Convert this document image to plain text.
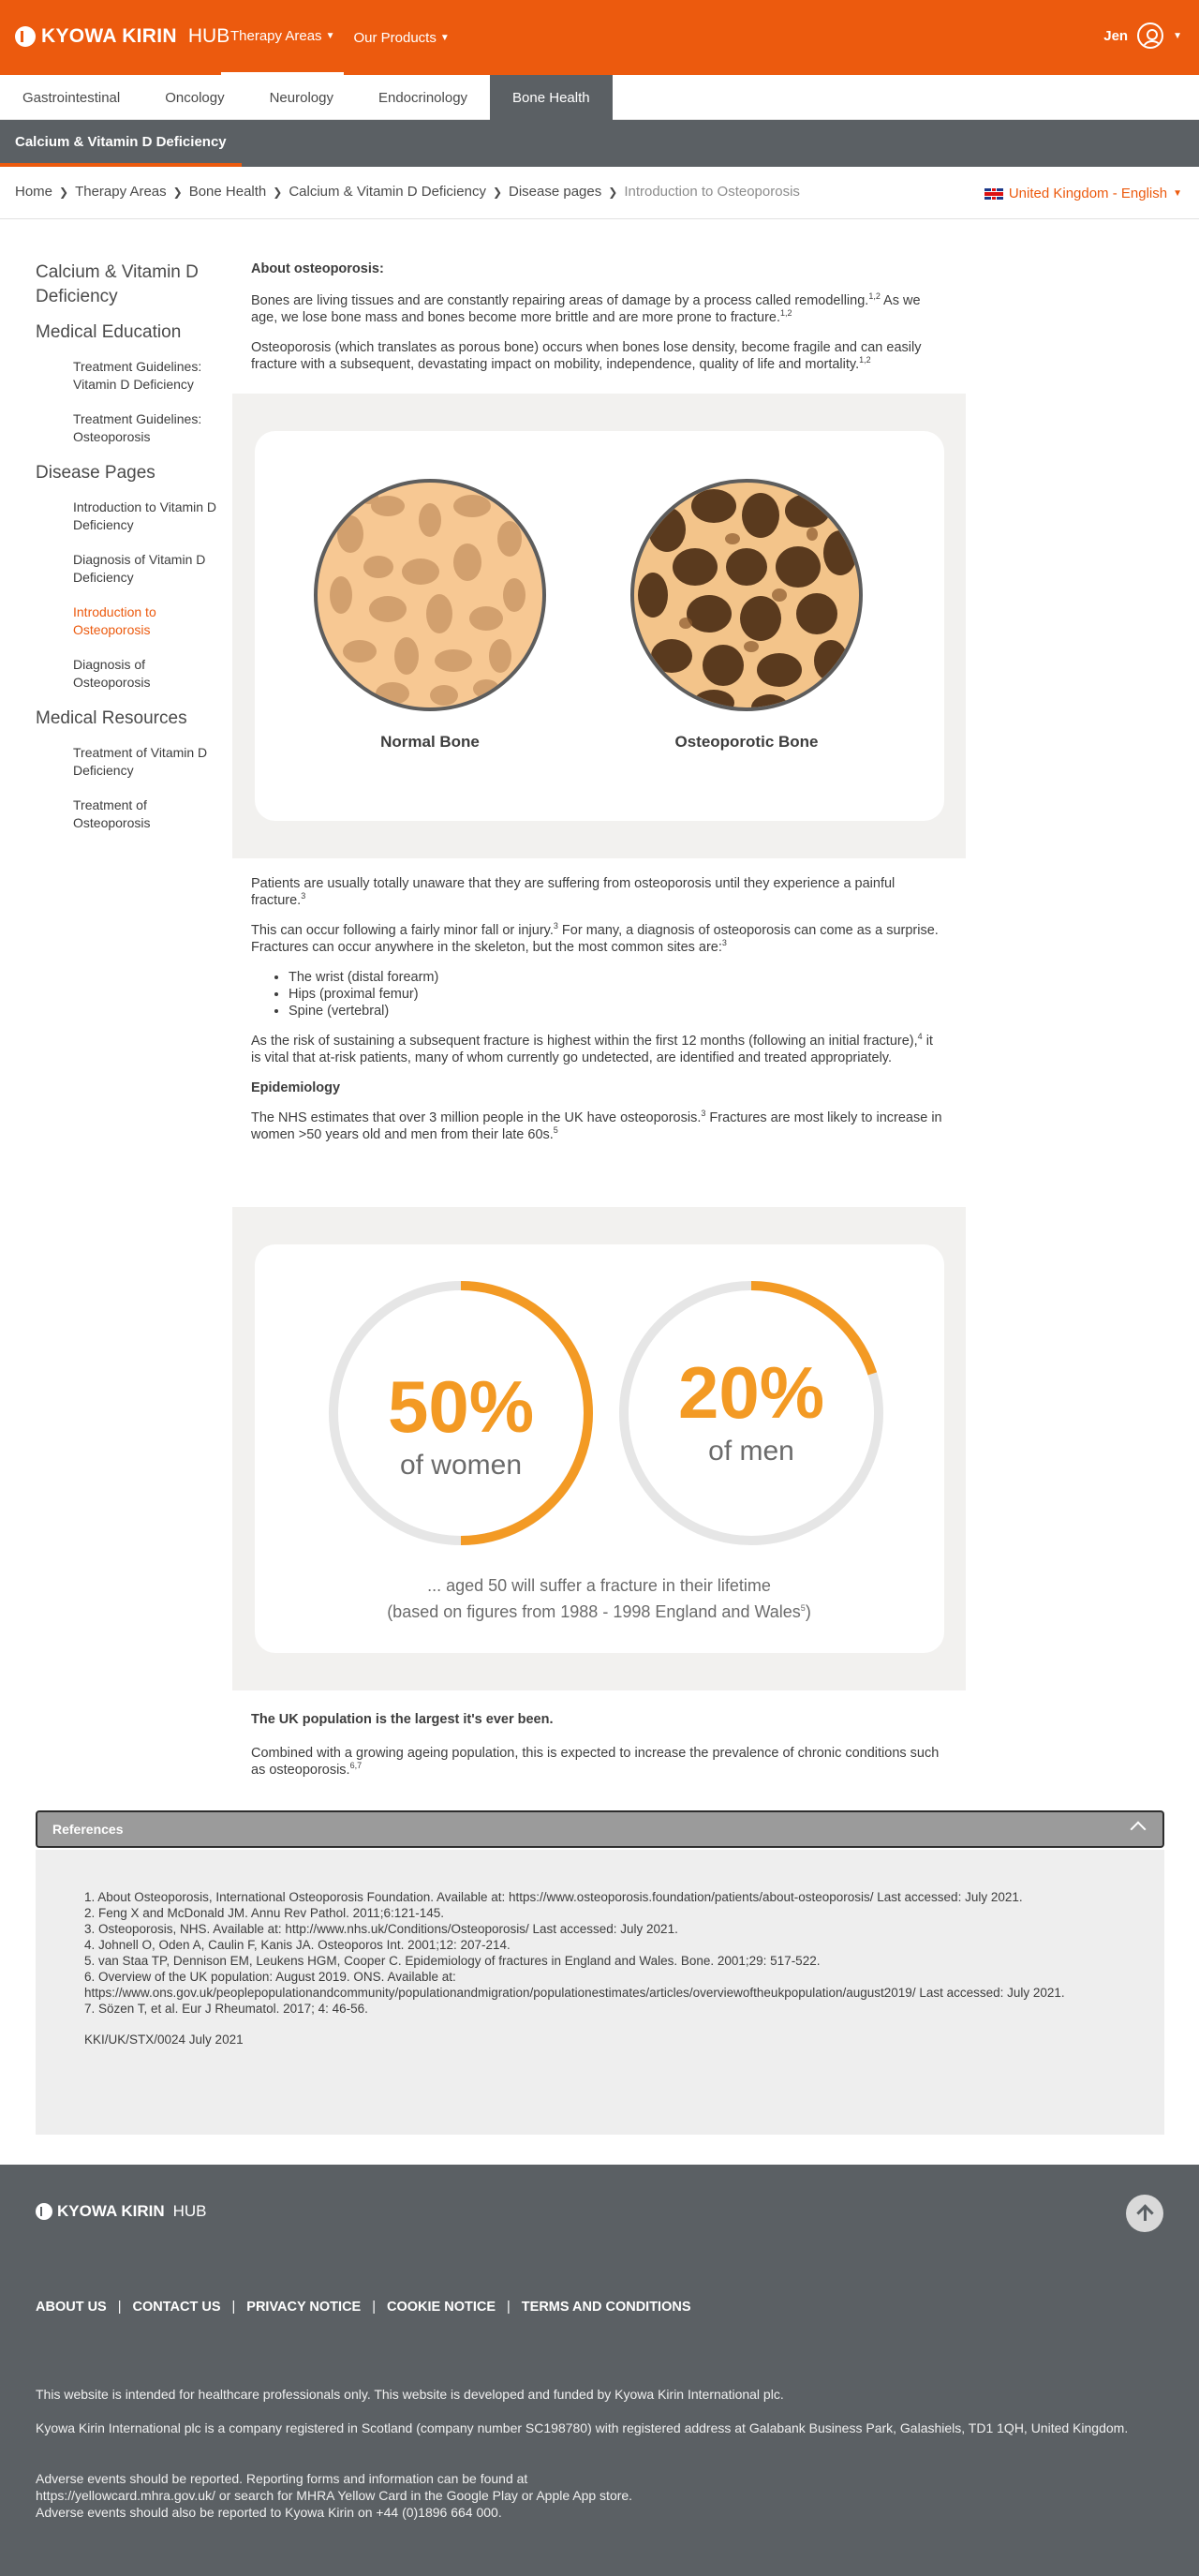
KYOWA KIRIN HUB Therapy Areas ▼ Our Products ▼	Jen	▼
Gastrointestinal	Oncology	Neurology	Endocrinology	Bone Health
Calcium & Vitamin D Deficiency
Home ❯ Therapy Areas ❯ Bone Health ❯ Calcium & Vitamin D Deficiency ❯ Disease pages ❯ Introduction to Osteoporosis	United Kingdom - English ▼
Calcium & Vitamin D Deficiency
Medical Education
Treatment Guidelines: Vitamin D Deficiency
Treatment Guidelines: Osteoporosis
Disease Pages
Introduction to Vitamin D Deficiency
Diagnosis of Vitamin D Deficiency
Introduction to Osteoporosis
Diagnosis of Osteoporosis
Medical Resources
Treatment of Vitamin D Deficiency
Treatment of Osteoporosis
About osteoporosis:

Bones are living tissues and are constantly repairing areas of damage by a process called remodelling.$^{1,2}$ As we age, we lose bone mass and bones become more brittle and are more prone to fracture.$^{1,2}$

Osteoporosis (which translates as porous bone) occurs when bones lose density, become fragile and can easily fracture with a subsequent, devastating impact on mobility, independence, quality of life and mortality.$^{1,2}$

Normal Bone	Osteoporotic Bone

Patients are usually totally unaware that they are suffering from osteoporosis until they experience a painful fracture.$^3$

This can occur following a fairly minor fall or injury.$^3$ For many, a diagnosis of osteoporosis can come as a surprise. Fractures can occur anywhere in the skeleton, but the most common sites are:$^3$

• The wrist (distal forearm)
• Hips (proximal femur)
• Spine (vertebral)

As the risk of sustaining a subsequent fracture is highest within the first 12 months (following an initial fracture),$^4$ it is vital that at-risk patients, many of whom currently go undetected, are identified and treated appropriately.

Epidemiology

The NHS estimates that over 3 million people in the UK have osteoporosis.$^3$ Fractures are most likely to increase in women >50 years old and men from their late 60s.$^5$

50%
of women
20%
of men
... aged 50 will suffer a fracture in their lifetime
(based on figures from 1988 - 1998 England and Wales$^5$)
The UK population is the largest it's ever been.

Combined with a growing ageing population, this is expected to increase the prevalence of chronic conditions such as osteoporosis.$^{6,7}$

References
1. About Osteoporosis, International Osteoporosis Foundation. Available at: https://www.osteoporosis.foundation/patients/about-osteoporosis/ Last accessed: July 2021.
2. Feng X and McDonald JM. Annu Rev Pathol. 2011;6:121-145.
3. Osteoporosis, NHS. Available at: http://www.nhs.uk/Conditions/Osteoporosis/ Last accessed: July 2021.
4. Johnell O, Oden A, Caulin F, Kanis JA. Osteoporos Int. 2001;12: 207-214.
5. van Staa TP, Dennison EM, Leukens HGM, Cooper C. Epidemiology of fractures in England and Wales. Bone. 2001;29: 517-522.
6. Overview of the UK population: August 2019. ONS. Available at: https://www.ons.gov.uk/peoplepopulationandcommunity/populationandmigration/populationestimates/articles/overviewoftheukpopulation/august2019/ Last accessed: July 2021.
7. Sözen T, et al. Eur J Rheumatol. 2017; 4: 46-56.
KKI/UK/STX/0024 July 2021
KYOWA KIRIN HUB
ABOUT US | CONTACT US | PRIVACY NOTICE | COOKIE NOTICE | TERMS AND CONDITIONS
This website is intended for healthcare professionals only. This website is developed and funded by Kyowa Kirin International plc.
Kyowa Kirin International plc is a company registered in Scotland (company number SC198780) with registered address at Galabank Business Park, Galashiels, TD1 1QH, United Kingdom.
Adverse events should be reported. Reporting forms and information can be found at
https://yellowcard.mhra.gov.uk/ or search for MHRA Yellow Card in the Google Play or Apple App store.
Adverse events should also be reported to Kyowa Kirin on +44 (0)1896 664 000.
